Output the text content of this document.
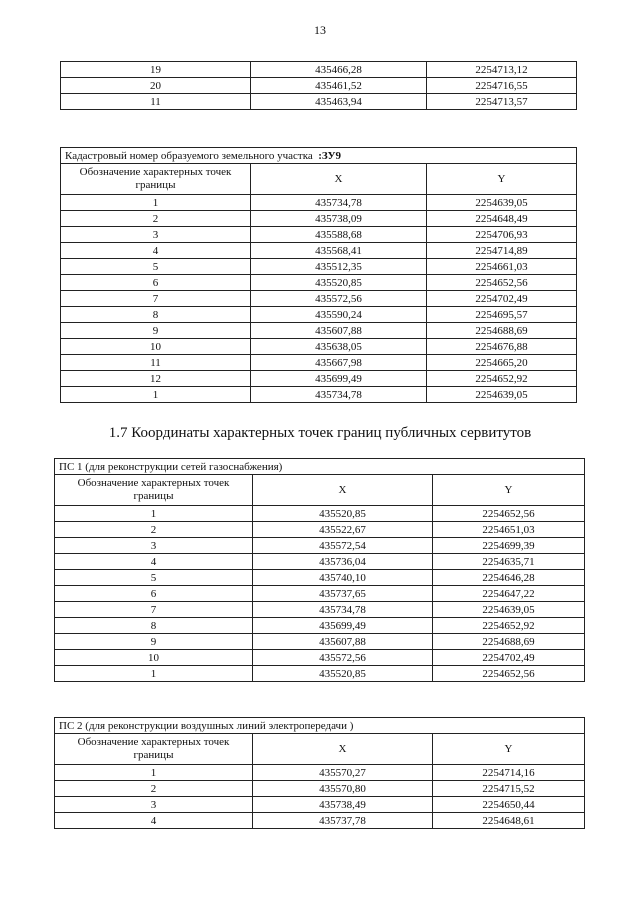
13
19	435466,28	2254713,12
20	435461,52	2254716,55
11	435463,94	2254713,57
Кадастровый номер образуемого земельного участка :ЗУ9		
Обозначение характерных точек границы	X	Y
1	435734,78	2254639,05
2	435738,09	2254648,49
3	435588,68	2254706,93
4	435568,41	2254714,89
5	435512,35	2254661,03
6	435520,85	2254652,56
7	435572,56	2254702,49
8	435590,24	2254695,57
9	435607,88	2254688,69
10	435638,05	2254676,88
11	435667,98	2254665,20
12	435699,49	2254652,92
1	435734,78	2254639,05
1.7 Координаты характерных точек границ публичных сервитутов
ПС 1 (для реконструкции сетей газоснабжения)		
Обозначение характерных точек границы	X	Y
1	435520,85	2254652,56
2	435522,67	2254651,03
3	435572,54	2254699,39
4	435736,04	2254635,71
5	435740,10	2254646,28
6	435737,65	2254647,22
7	435734,78	2254639,05
8	435699,49	2254652,92
9	435607,88	2254688,69
10	435572,56	2254702,49
1	435520,85	2254652,56
ПС 2 (для реконструкции воздушных линий электропередачи )		
Обозначение характерных точек границы	X	Y
1	435570,27	2254714,16
2	435570,80	2254715,52
3	435738,49	2254650,44
4	435737,78	2254648,61
